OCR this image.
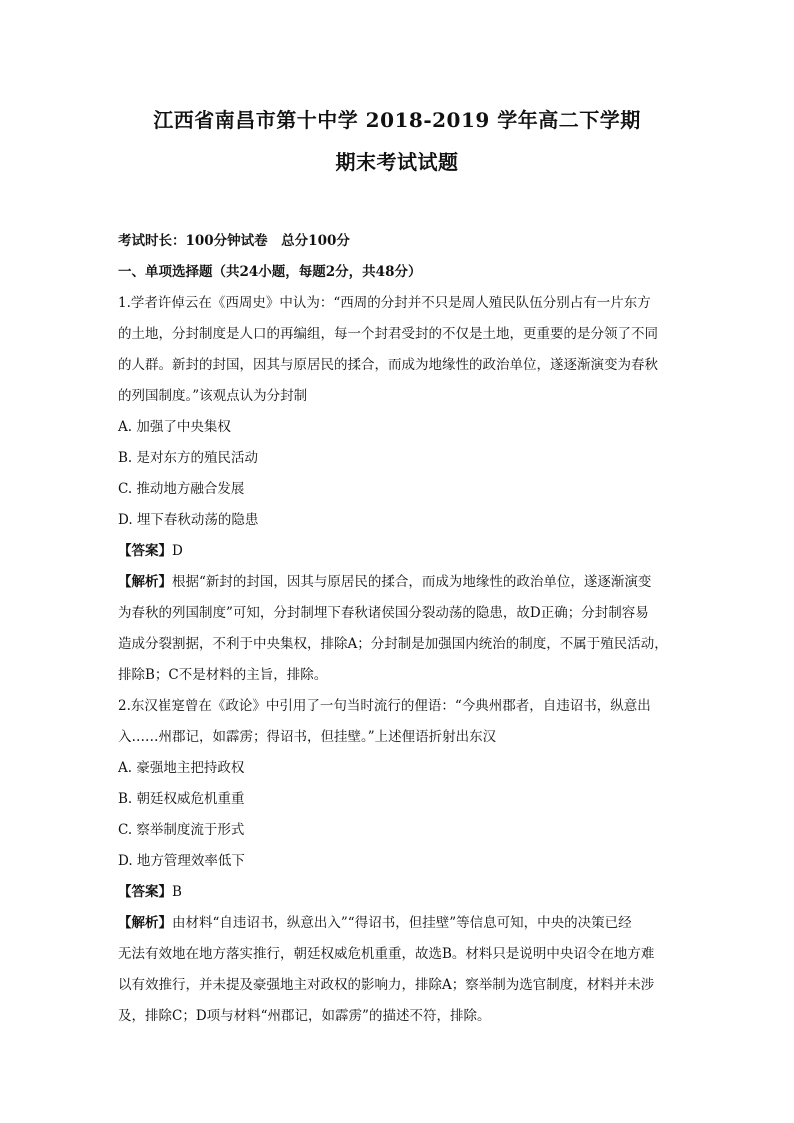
江西省南昌市第十中学 2018-2019 学年高二下学期
期末考试试题
考试时长：100分钟试卷　总分100分
一、单项选择题（共24小题，每题2分，共48分）
1.学者许倬云在《西周史》中认为：“西周的分封并不只是周人殖民队伍分别占有一片东方
的土地，分封制度是人口的再编组，每一个封君受封的不仅是土地，更重要的是分领了不同
的人群。新封的封国，因其与原居民的揉合，而成为地缘性的政治单位，遂逐渐演变为春秋
的列国制度。”该观点认为分封制
A. 加强了中央集权
B. 是对东方的殖民活动
C. 推动地方融合发展
D. 埋下春秋动荡的隐患
【答案】D
【解析】根据“新封的封国，因其与原居民的揉合，而成为地缘性的政治单位，遂逐渐演变
为春秋的列国制度”可知，分封制埋下春秋诸侯国分裂动荡的隐患，故D正确；分封制容易
造成分裂割据，不利于中央集权，排除A；分封制是加强国内统治的制度，不属于殖民活动，
排除B；C不是材料的主旨，排除。
2.东汉崔寔曾在《政论》中引用了一句当时流行的俚语：“今典州郡者，自违诏书，纵意出
入……州郡记，如霹雳；得诏书，但挂壁。”上述俚语折射出东汉
A. 豪强地主把持政权
B. 朝廷权威危机重重
C. 察举制度流于形式
D. 地方管理效率低下
【答案】B
【解析】由材料“自违诏书，纵意出入”“得诏书，但挂壁”等信息可知，中央的决策已经
无法有效地在地方落实推行，朝廷权威危机重重，故选B。材料只是说明中央诏令在地方难
以有效推行，并未提及豪强地主对政权的影响力，排除A；察举制为选官制度，材料并未涉
及，排除C；D项与材料“州郡记，如霹雳”的描述不符，排除。
